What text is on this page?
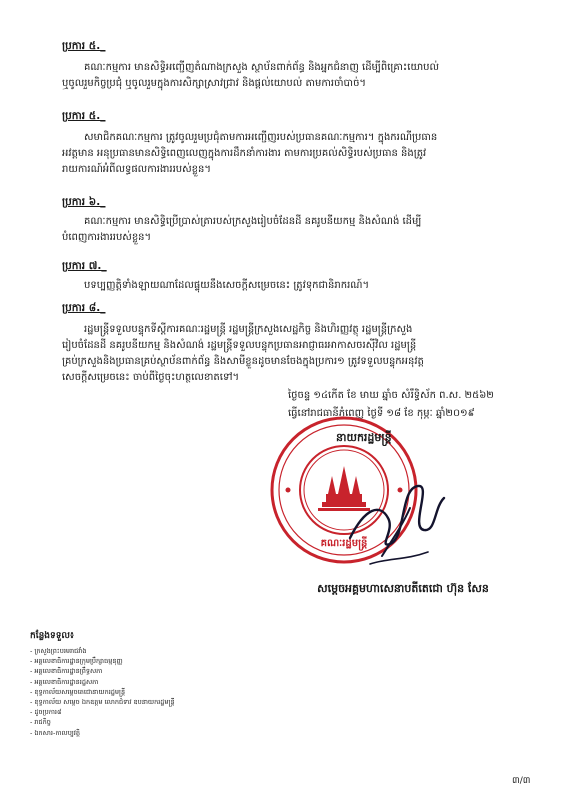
ប្រការ ៥._
គណៈកម្មការ មានសិទ្ធិអញ្ជើញតំណាងក្រសួង ស្ថាប័នពាក់ព័ន្ធ និងអ្នកជំនាញ ដើម្បីពិគ្រោះយោបល់
ឬចូលរួមកិច្ចប្រជុំ ឬចូលរួមក្នុងការសិក្សាស្រាវជ្រាវ និងផ្តល់យោបល់ តាមការចាំបាច់។
ប្រការ ៥._
សមាជិកគណៈកម្មការ ត្រូវចូលរួមប្រជុំតាមការអញ្ជើញរបស់ប្រធានគណៈកម្មការ។ ក្នុងករណីប្រធាន
អវត្តមាន អនុប្រធានមានសិទ្ធិពេញលេញក្នុងការដឹកនាំការងារ តាមការប្រគល់សិទ្ធិរបស់ប្រធាន និងត្រូវ
រាយការណ៍អំពីលទ្ធផលការងាររបស់ខ្លួន។
ប្រការ ៦._
គណៈកម្មការ មានសិទ្ធិប្រើប្រាស់ត្រារបស់ក្រសួងរៀបចំដែនដី នគរូបនីយកម្ម និងសំណង់ ដើម្បី
បំពេញការងាររបស់ខ្លួន។
ប្រការ ៧._
បទប្បញ្ញត្តិទាំងឡាយណាដែលផ្ទុយនឹងសេចក្តីសម្រេចនេះ ត្រូវទុកជានិរាករណ៍។
ប្រការ ៨._
រដ្ឋមន្ត្រីទទួលបន្ទុកទីស្តីការគណៈរដ្ឋមន្ត្រី រដ្ឋមន្ត្រីក្រសួងសេដ្ឋកិច្ច និងហិរញ្ញវត្ថុ រដ្ឋមន្ត្រីក្រសួង
រៀបចំដែនដី នគរូបនីយកម្ម និងសំណង់ រដ្ឋមន្ត្រីទទួលបន្ទុកប្រធានអាជ្ញាធរអាកាសចរស៊ីវិល រដ្ឋមន្ត្រី
គ្រប់ក្រសួងនិងប្រធានគ្រប់ស្ថាប័នពាក់ព័ន្ធ និងសាមីខ្លួនដូចមានចែងក្នុងប្រការ១ ត្រូវទទួលបន្ទុកអនុវត្ត
សេចក្តីសម្រេចនេះ ចាប់ពីថ្ងៃចុះហត្ថលេខាតទៅ។
ថ្ងៃចន្ទ ១៤កើត ខែ មាឃ ឆ្នាំច សំរឹទ្ធិស័ក ព.ស. ២៥៦២
ធ្វើនៅរាជធានីភ្នំពេញ ថ្ងៃទី ១៨ ខែ កុម្ភៈ ឆ្នាំ២០១៩
គណៈរដ្ឋមន្ត្រី
នាយករដ្ឋមន្ត្រី
សម្តេចអគ្គមហាសេនាបតីតេជោ ហ៊ុន សែន
កន្លែងទទួល៖
- ក្រសួងព្រះបរមរាជវាំង
- អគ្គលេខាធិការដ្ឋានក្រុមប្រឹក្សាធម្មនុញ្ញ
- អគ្គលេខាធិការដ្ឋានព្រឹទ្ធសភា
- អគ្គលេខាធិការដ្ឋានរដ្ឋសភា
- ខុទ្ទកាល័យសម្តេចតេជោនាយករដ្ឋមន្ត្រី
- ខុទ្ទកាល័យ សម្តេច ឯកឧត្តម លោកជំទាវ ឧបនាយករដ្ឋមន្ត្រី
- ដូចប្រការ៨
- រាជកិច្ច
- ឯកសារ-កាលប្បវត្តិ
៣/៣
